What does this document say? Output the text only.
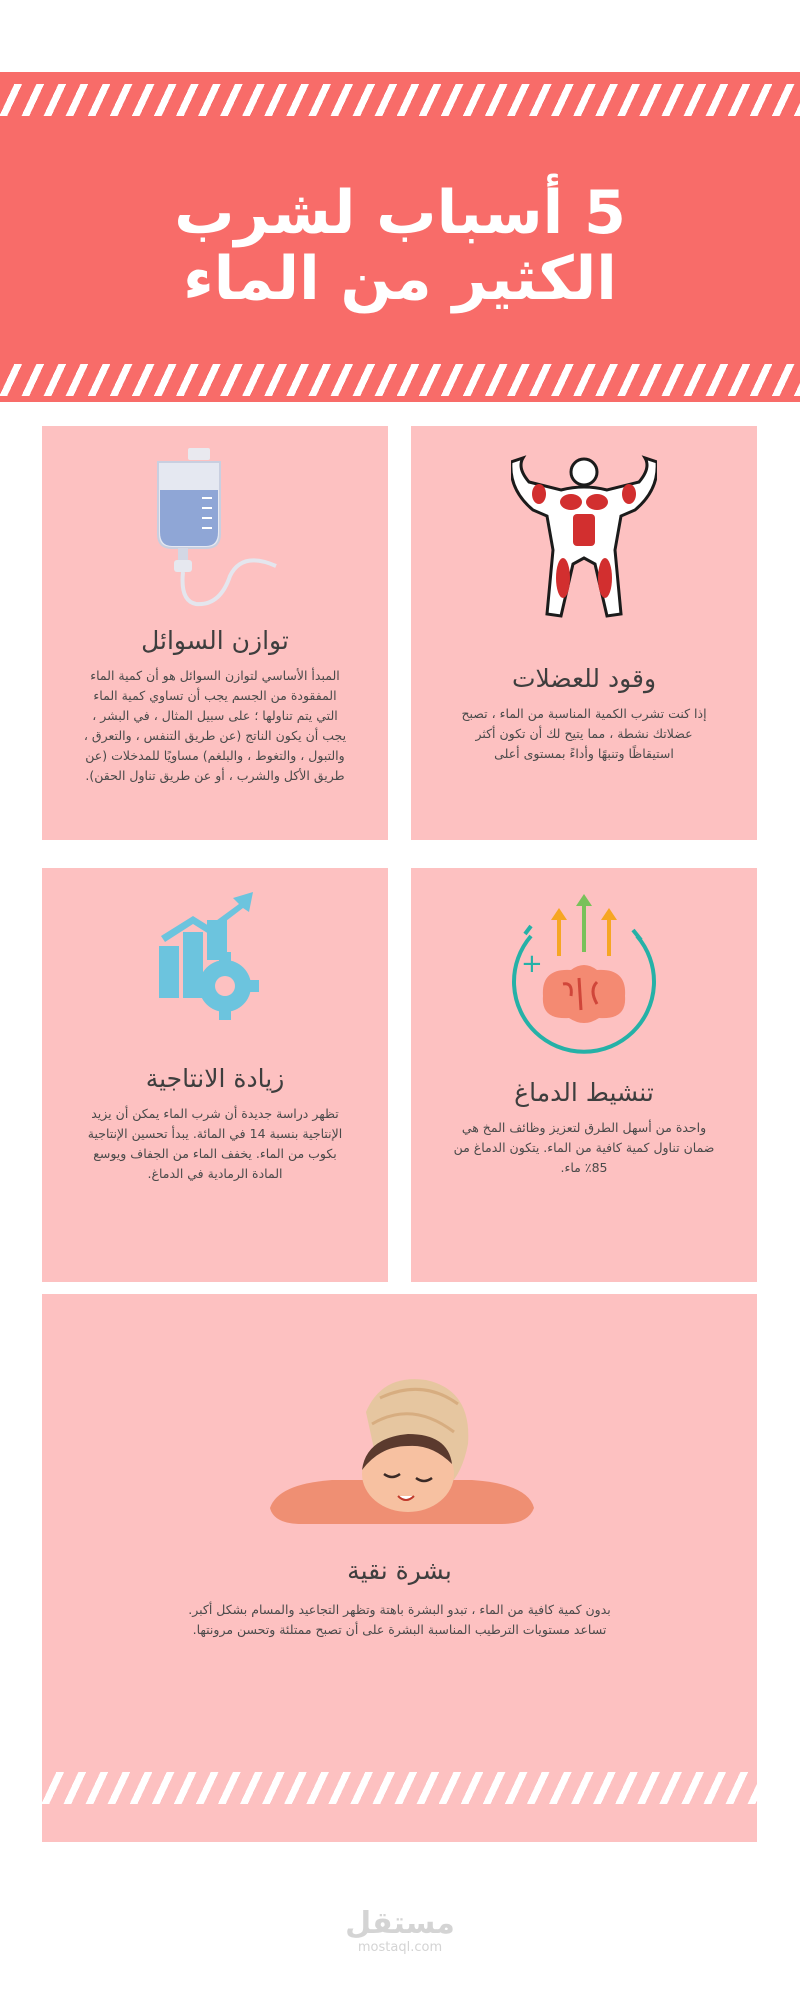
5 أسباب لشرب
الكثير من الماء
توازن السوائل
المبدأ الأساسي لتوازن السوائل هو أن كمية الماء المفقودة من الجسم يجب أن تساوي كمية الماء التي يتم تناولها ؛ على سبيل المثال ، في البشر ، يجب أن يكون الناتج (عن طريق التنفس ، والتعرق ، والتبول ، والتغوط ، والبلغم) مساويًا للمدخلات (عن طريق الأكل والشرب ، أو عن طريق تناول الحقن).
وقود للعضلات
إذا كنت تشرب الكمية المناسبة من الماء ، تصبح عضلاتك نشطة ، مما يتيح لك أن تكون أكثر استيقاظًا وتنبهًا وأداءً بمستوى أعلى
زيادة الانتاجية
تظهر دراسة جديدة أن شرب الماء يمكن أن يزيد الإنتاجية بنسبة 14 في المائة. يبدأ تحسين الإنتاجية بكوب من الماء. يخفف الماء من الجفاف ويوسع المادة الرمادية في الدماغ.
+
تنشيط الدماغ
واحدة من أسهل الطرق لتعزيز وظائف المخ هي ضمان تناول كمية كافية من الماء. يتكون الدماغ من 85٪ ماء.
بشرة نقية
بدون كمية كافية من الماء ، تبدو البشرة باهتة وتظهر التجاعيد والمسام بشكل أكبر. تساعد مستويات الترطيب المناسبة البشرة على أن تصبح ممتلئة وتحسن مرونتها.
مستقل
mostaql.com
